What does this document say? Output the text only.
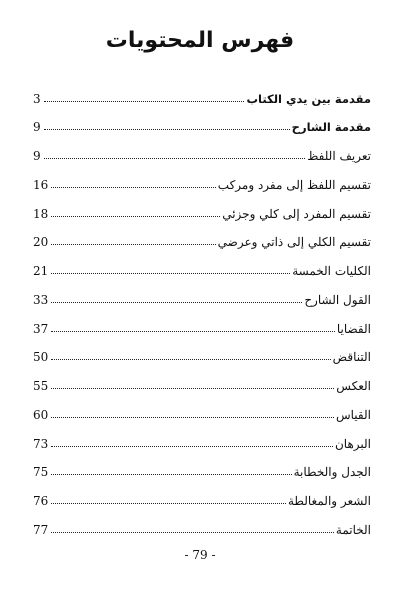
فهرس المحتويات
مقدمة بين يدي الكتاب
3
مقدمة الشارح
9
تعريف اللفظ
9
تقسيم اللفظ إلى مفرد ومركب
16
تقسيم المفرد إلى كلي وجزئي
18
تقسيم الكلي إلى ذاتي وعرضي
20
الكليات الخمسة
21
القول الشارح
33
القضايا
37
التناقض
50
العكس
55
القياس
60
البرهان
73
الجدل والخطابة
75
الشعر والمغالطة
76
الخاتمة
77
- 79 -
